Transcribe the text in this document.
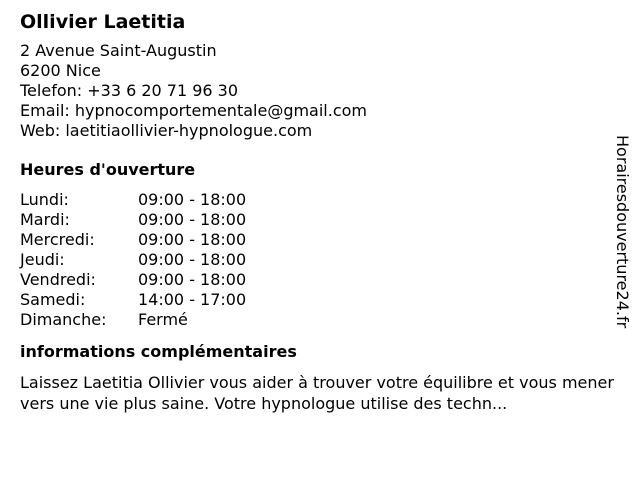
Ollivier Laetitia
2 Avenue Saint-Augustin
6200 Nice
Telefon: +33 6 20 71 96 30
Email: hypnocomportementale@gmail.com
Web: laetitiaollivier-hypnologue.com
Heures d'ouverture
Lundi:	09:00 - 18:00
Mardi:	09:00 - 18:00
Mercredi:	09:00 - 18:00
Jeudi:	09:00 - 18:00
Vendredi:	09:00 - 18:00
Samedi:	14:00 - 17:00
Dimanche:	Fermé
informations complémentaires
Laissez Laetitia Ollivier vous aider à trouver votre équilibre et vous mener vers une vie plus saine. Votre hypnologue utilise des techn...
Horairesdouverture24.fr
